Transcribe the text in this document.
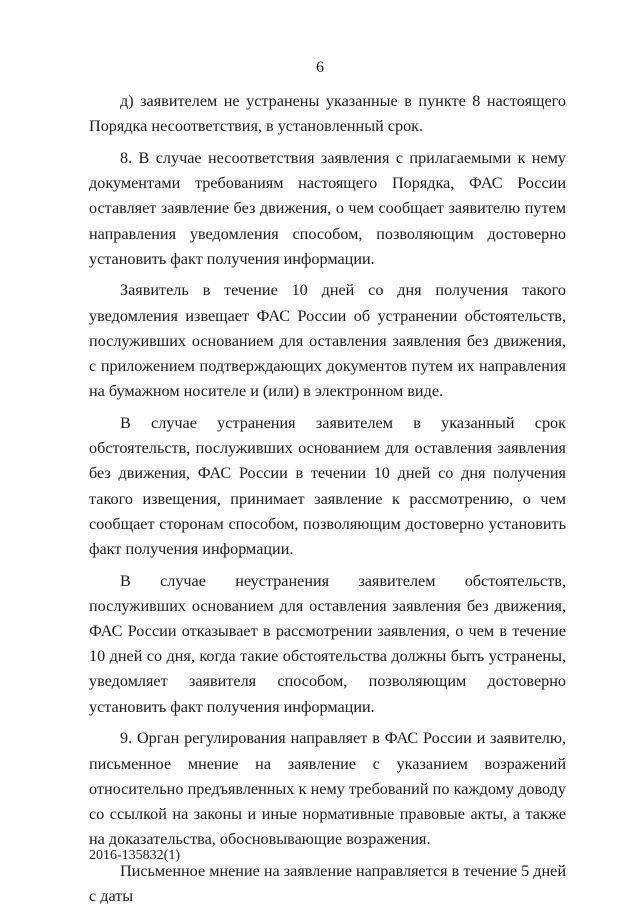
6

д) заявителем не устранены указанные в пункте 8 настоящего Порядка несоответствия, в установленный срок.

8. В случае несоответствия заявления с прилагаемыми к нему документами требованиям настоящего Порядка, ФАС России оставляет заявление без движения, о чем сообщает заявителю путем направления уведомления способом, позволяющим достоверно установить факт получения информации.

Заявитель в течение 10 дней со дня получения такого уведомления извещает ФАС России об устранении обстоятельств, послуживших основанием для оставления заявления без движения, с приложением подтверждающих документов путем их направления на бумажном носителе и (или) в электронном виде.

В случае устранения заявителем в указанный срок обстоятельств, послуживших основанием для оставления заявления без движения, ФАС России в течении 10 дней со дня получения такого извещения, принимает заявление к рассмотрению, о чем сообщает сторонам способом, позволяющим достоверно установить факт получения информации.

В случае неустранения заявителем обстоятельств, послуживших основанием для оставления заявления без движения, ФАС России отказывает в рассмотрении заявления, о чем в течение 10 дней со дня, когда такие обстоятельства должны быть устранены, уведомляет заявителя способом, позволяющим достоверно установить факт получения информации.

9. Орган регулирования направляет в ФАС России и заявителю, письменное мнение на заявление с указанием возражений относительно предъявленных к нему требований по каждому доводу со ссылкой на законы и иные нормативные правовые акты, а также на доказательства, обосновывающие возражения.

Письменное мнение на заявление направляется в течение 5 дней с даты

2016-135832(1)
